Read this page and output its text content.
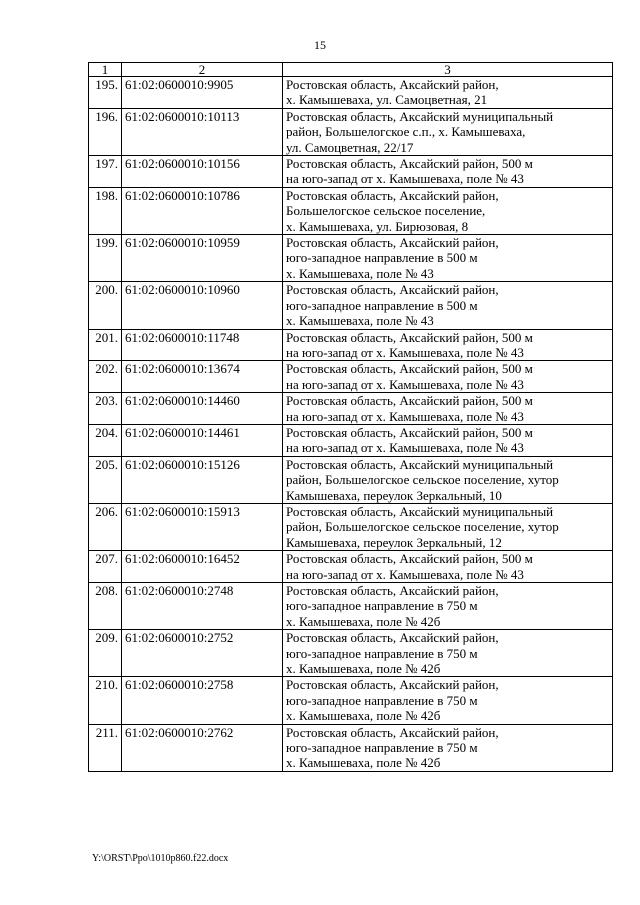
15
1	2	3
195.	61:02:0600010:9905	Ростовская область, Аксайский район,
х. Камышеваха, ул. Самоцветная, 21
196.	61:02:0600010:10113	Ростовская область, Аксайский муниципальный
район, Большелогское с.п., х. Камышеваха,
ул. Самоцветная, 22/17
197.	61:02:0600010:10156	Ростовская область, Аксайский район, 500 м
на юго-запад от х. Камышеваха, поле № 43
198.	61:02:0600010:10786	Ростовская область, Аксайский район,
Большелогское сельское поселение,
х. Камышеваха, ул. Бирюзовая, 8
199.	61:02:0600010:10959	Ростовская область, Аксайский район,
юго-западное направление в 500 м
х. Камышеваха, поле № 43
200.	61:02:0600010:10960	Ростовская область, Аксайский район,
юго-западное направление в 500 м
х. Камышеваха, поле № 43
201.	61:02:0600010:11748	Ростовская область, Аксайский район, 500 м
на юго-запад от х. Камышеваха, поле № 43
202.	61:02:0600010:13674	Ростовская область, Аксайский район, 500 м
на юго-запад от х. Камышеваха, поле № 43
203.	61:02:0600010:14460	Ростовская область, Аксайский район, 500 м
на юго-запад от х. Камышеваха, поле № 43
204.	61:02:0600010:14461	Ростовская область, Аксайский район, 500 м
на юго-запад от х. Камышеваха, поле № 43
205.	61:02:0600010:15126	Ростовская область, Аксайский муниципальный
район, Большелогское сельское поселение, хутор
Камышеваха, переулок Зеркальный, 10
206.	61:02:0600010:15913	Ростовская область, Аксайский муниципальный
район, Большелогское сельское поселение, хутор
Камышеваха, переулок Зеркальный, 12
207.	61:02:0600010:16452	Ростовская область, Аксайский район, 500 м
на юго-запад от х. Камышеваха, поле № 43
208.	61:02:0600010:2748	Ростовская область, Аксайский район,
юго-западное направление в 750 м
х. Камышеваха, поле № 42б
209.	61:02:0600010:2752	Ростовская область, Аксайский район,
юго-западное направление в 750 м
х. Камышеваха, поле № 42б
210.	61:02:0600010:2758	Ростовская область, Аксайский район,
юго-западное направление в 750 м
х. Камышеваха, поле № 42б
211.	61:02:0600010:2762	Ростовская область, Аксайский район,
юго-западное направление в 750 м
х. Камышеваха, поле № 42б
Y:\ORST\Ppo\1010p860.f22.docx
